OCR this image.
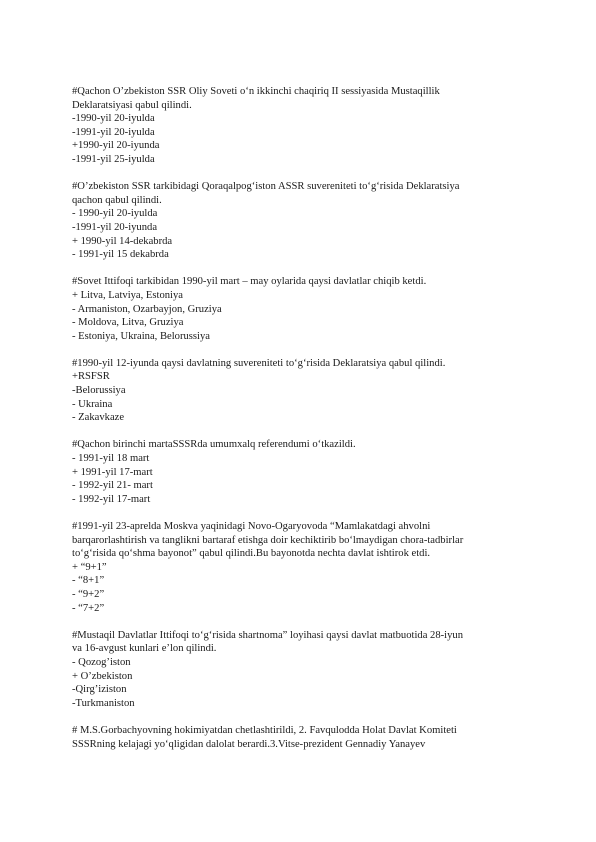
#Qachon O’zbekiston SSR Oliy Soveti o‘n ikkinchi chaqiriq II sessiyasida Mustaqillik
Deklaratsiyasi qabul qilindi.
-1990-yil 20-iyulda
-1991-yil 20-iyulda
+1990-yil 20-iyunda
-1991-yil 25-iyulda
#O’zbekiston SSR tarkibidagi Qoraqalpog‘iston ASSR suvereniteti to‘g‘risida Deklaratsiya
qachon qabul qilindi.
- 1990-yil 20-iyulda
-1991-yil 20-iyunda
+ 1990-yil 14-dekabrda
- 1991-yil 15 dekabrda
#Sovet Ittifoqi tarkibidan 1990-yil mart – may oylarida qaysi davlatlar chiqib ketdi.
+ Litva, Latviya, Estoniya
- Armaniston, Ozarbayjon, Gruziya
- Moldova, Litva, Gruziya
- Estoniya, Ukraina, Belorussiya
#1990-yil 12-iyunda qaysi davlatning suvereniteti to‘g‘risida Deklaratsiya qabul qilindi.
+RSFSR
-Belorussiya
- Ukraina
- Zakavkaze
#Qachon birinchi martaSSSRda umumxalq referendumi o‘tkazildi.
- 1991-yil 18 mart
+ 1991-yil 17-mart
- 1992-yil 21- mart
- 1992-yil 17-mart
#1991-yil 23-aprelda Moskva yaqinidagi Novo-Ogaryovoda “Mamlakatdagi ahvolni
barqarorlashtirish va tanglikni bartaraf etishga doir kechiktirib bo‘lmaydigan chora-tadbirlar
to‘g‘risida qo‘shma bayonot” qabul qilindi.Bu bayonotda nechta davlat ishtirok etdi.
+ “9+1”
- “8+1”
- “9+2”
- “7+2”
#Mustaqil Davlatlar Ittifoqi to‘g‘risida shartnoma” loyihasi qaysi davlat matbuotida 28-iyun
va 16-avgust kunlari e’lon qilindi.
- Qozog’iston
+ O’zbekiston
-Qirg’iziston
-Turkmaniston
# M.S.Gorbachyovning hokimiyatdan chetlashtirildi, 2. Favqulodda Holat Davlat Komiteti
SSSRning kelajagi yo‘qligidan dalolat berardi.3.Vitse-prezident Gennadiy Yanayev
